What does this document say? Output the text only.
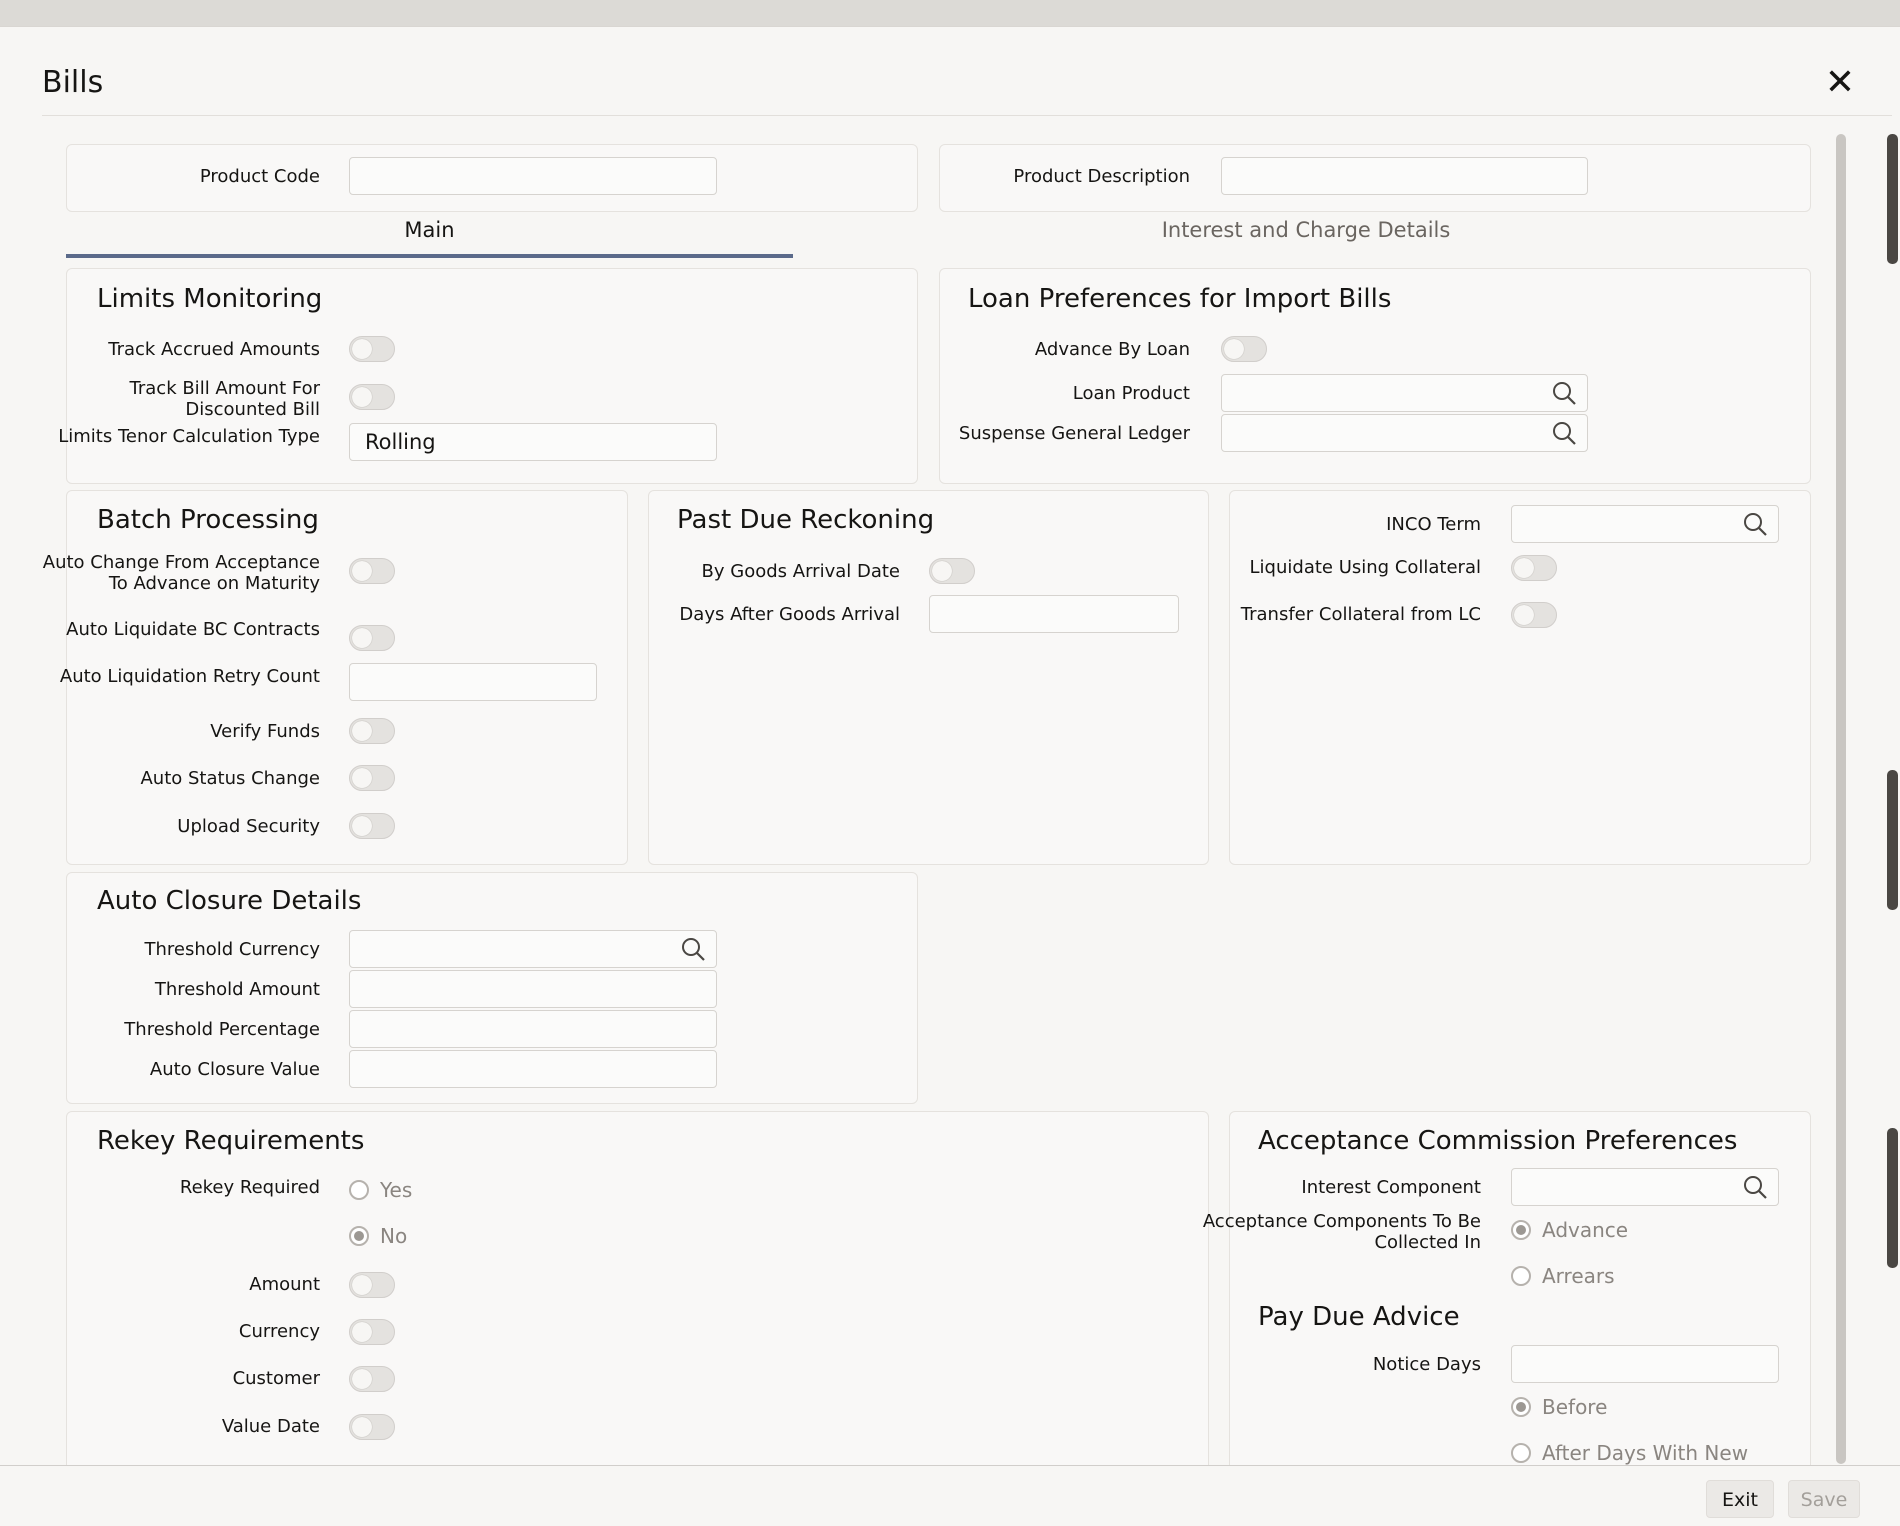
Bills	✕
Product Code	Product Description
Main	Interest and Charge Details
Limits Monitoring
Track Accrued Amounts
Track Bill Amount For Discounted Bill
Limits Tenor Calculation Type	Rolling
Loan Preferences for Import Bills
Advance By Loan
Loan Product
Suspense General Ledger
Batch Processing
Auto Change From Acceptance To Advance on Maturity
Auto Liquidate BC Contracts
Auto Liquidation Retry Count
Verify Funds
Auto Status Change
Upload Security
Past Due Reckoning
By Goods Arrival Date
Days After Goods Arrival
INCO Term
Liquidate Using Collateral
Transfer Collateral from LC
Auto Closure Details
Threshold Currency
Threshold Amount
Threshold Percentage
Auto Closure Value
Rekey Requirements
Rekey Required	Yes
No
Amount
Currency
Customer
Value Date
Acceptance Commission Preferences
Interest Component
Acceptance Components To Be Collected In
Advance
Arrears
Pay Due Advice
Notice Days
Before
After Days With New
Exit	Save
